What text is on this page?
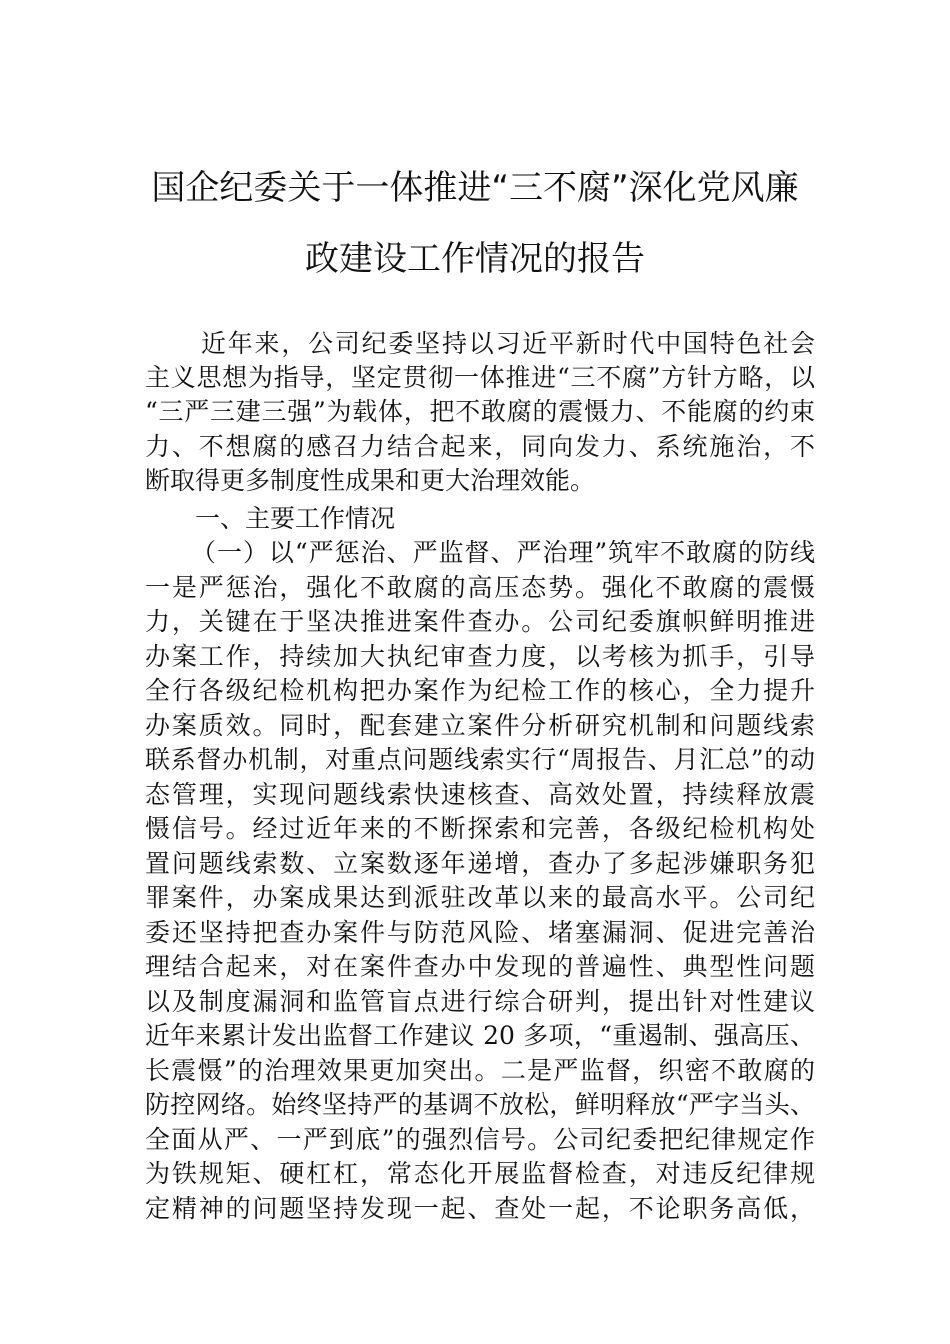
国企纪委关于一体推进“三不腐”深化党风廉
政建设工作情况的报告
近年来，公司纪委坚持以习近平新时代中国特色社会
主义思想为指导，坚定贯彻一体推进“三不腐”方针方略，以
“三严三建三强”为载体，把不敢腐的震慑力、不能腐的约束
力、不想腐的感召力结合起来，同向发力、系统施治，不
断取得更多制度性成果和更大治理效能。
一、主要工作情况
（一）以“严惩治、严监督、严治理”筑牢不敢腐的防线
一是严惩治，强化不敢腐的高压态势。强化不敢腐的震慑
力，关键在于坚决推进案件查办。公司纪委旗帜鲜明推进
办案工作，持续加大执纪审查力度，以考核为抓手，引导
全行各级纪检机构把办案作为纪检工作的核心，全力提升
办案质效。同时，配套建立案件分析研究机制和问题线索
联系督办机制，对重点问题线索实行“周报告、月汇总”的动
态管理，实现问题线索快速核查、高效处置，持续释放震
慑信号。经过近年来的不断探索和完善，各级纪检机构处
置问题线索数、立案数逐年递增，查办了多起涉嫌职务犯
罪案件，办案成果达到派驻改革以来的最高水平。公司纪
委还坚持把查办案件与防范风险、堵塞漏洞、促进完善治
理结合起来，对在案件查办中发现的普遍性、典型性问题
以及制度漏洞和监管盲点进行综合研判，提出针对性建议
近年来累计发出监督工作建议 20 多项，“重遏制、强高压、
长震慑”的治理效果更加突出。二是严监督，织密不敢腐的
防控网络。始终坚持严的基调不放松，鲜明释放“严字当头、
全面从严、一严到底”的强烈信号。公司纪委把纪律规定作
为铁规矩、硬杠杠，常态化开展监督检查，对违反纪律规
定精神的问题坚持发现一起、查处一起，不论职务高低，
